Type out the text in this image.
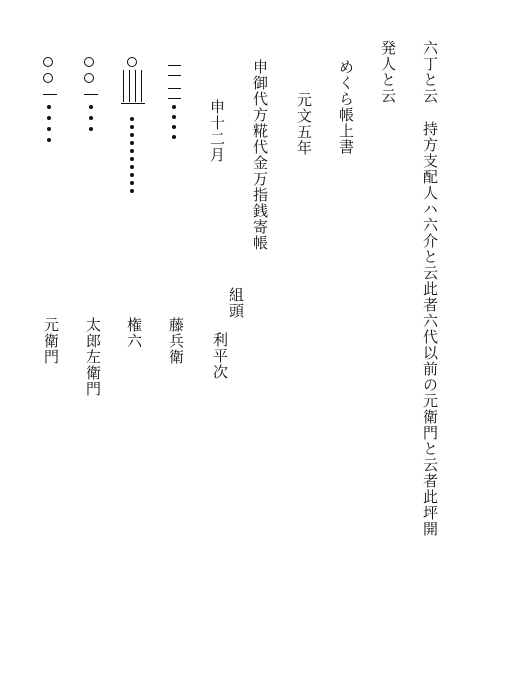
六丁と云
持方支配人ハ六介と云此者六代以前の元衛門と云者此坪開
発人と云
めくら帳上書
元文五年
申御代方糀代金万指銭寄帳
申十二月
組頭
利平次
藤兵衛
権六
太郎左衛門
元衛門
